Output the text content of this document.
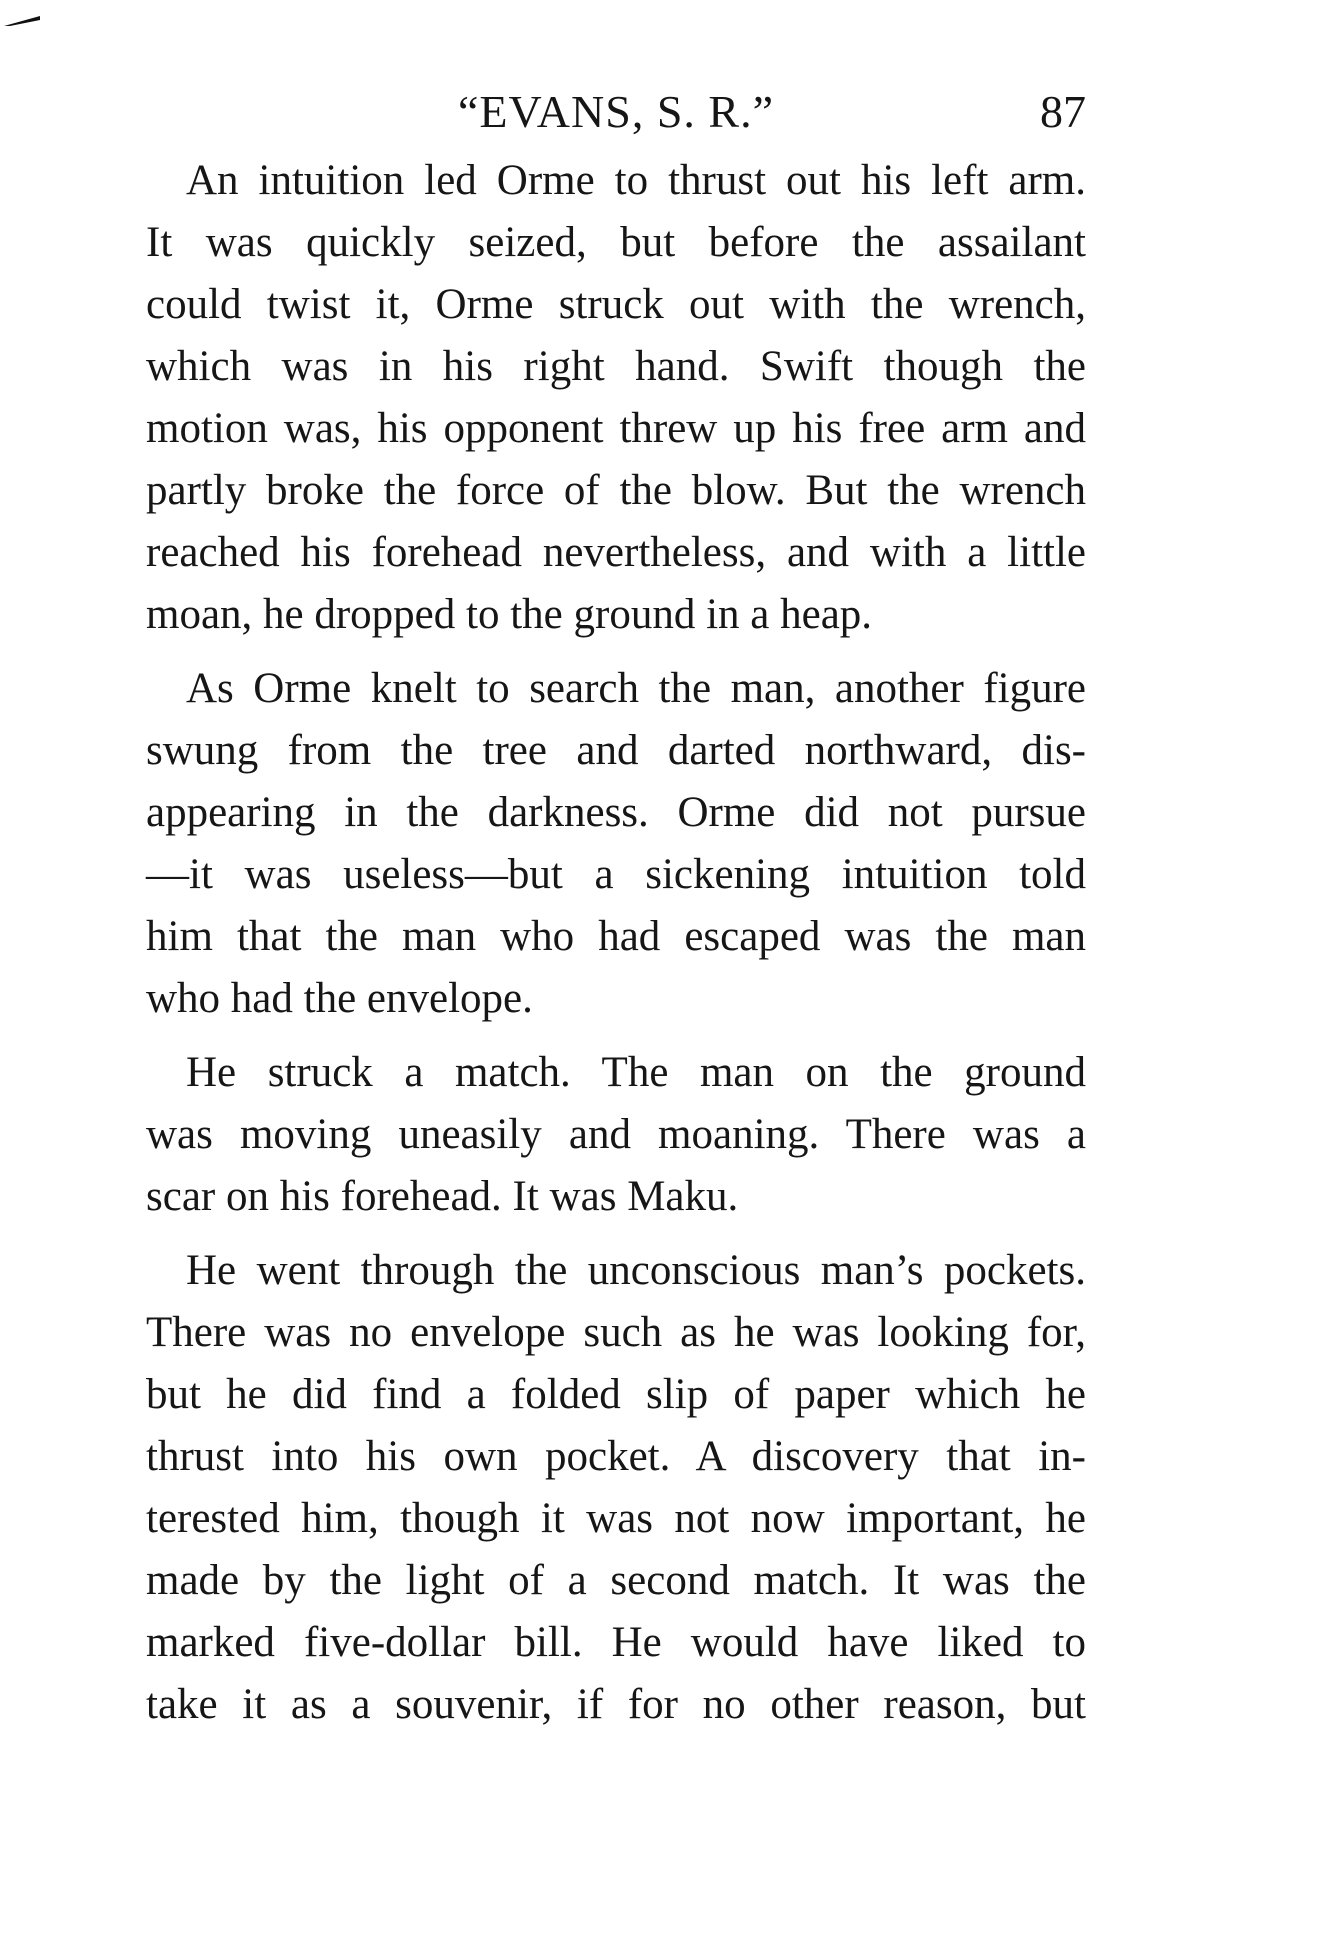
“EVANS, S. R.”	87
An intuition led Orme to thrust out his left arm.
It was quickly seized, but before the assailant
could twist it, Orme struck out with the wrench,
which was in his right hand. Swift though the
motion was, his opponent threw up his free arm and
partly broke the force of the blow. But the wrench
reached his forehead nevertheless, and with a little
moan, he dropped to the ground in a heap.
As Orme knelt to search the man, another figure
swung from the tree and darted northward, dis-
appearing in the darkness. Orme did not pursue
—it was useless—but a sickening intuition told
him that the man who had escaped was the man
who had the envelope.
He struck a match. The man on the ground
was moving uneasily and moaning. There was a
scar on his forehead. It was Maku.
He went through the unconscious man’s pockets.
There was no envelope such as he was looking for,
but he did find a folded slip of paper which he
thrust into his own pocket. A discovery that in-
terested him, though it was not now important, he
made by the light of a second match. It was the
marked five-dollar bill. He would have liked to
take it as a souvenir, if for no other reason, but
